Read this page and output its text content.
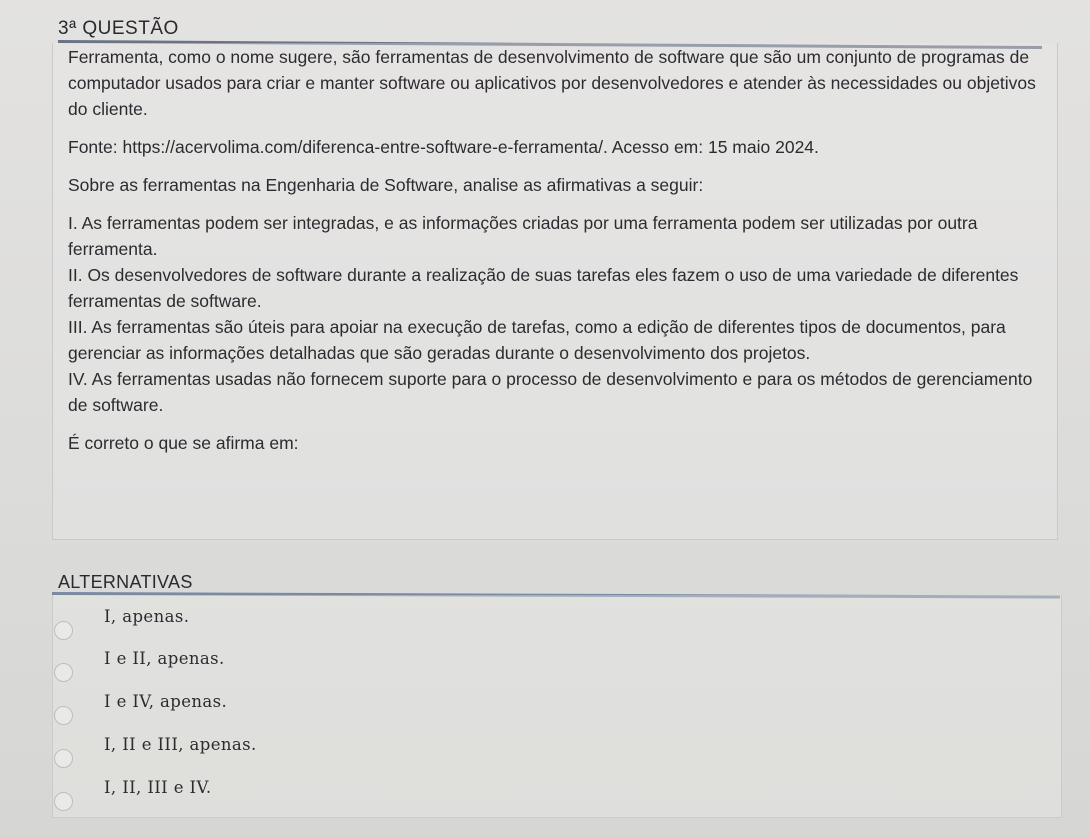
3ª QUESTÃO

Ferramenta, como o nome sugere, são ferramentas de desenvolvimento de software que são um conjunto de programas de computador usados para criar e manter software ou aplicativos por desenvolvedores e atender às necessidades ou objetivos do cliente.

Fonte: https://acervolima.com/diferenca-entre-software-e-ferramenta/. Acesso em: 15 maio 2024.

Sobre as ferramentas na Engenharia de Software, analise as afirmativas a seguir:

I. As ferramentas podem ser integradas, e as informações criadas por uma ferramenta podem ser utilizadas por outra ferramenta.

II. Os desenvolvedores de software durante a realização de suas tarefas eles fazem o uso de uma variedade de diferentes ferramentas de software.

III. As ferramentas são úteis para apoiar na execução de tarefas, como a edição de diferentes tipos de documentos, para gerenciar as informações detalhadas que são geradas durante o desenvolvimento dos projetos.

IV. As ferramentas usadas não fornecem suporte para o processo de desenvolvimento e para os métodos de gerenciamento de software.

É correto o que se afirma em:

ALTERNATIVAS
I, apenas.
I e II, apenas.
I e IV, apenas.
I, II e III, apenas.
I, II, III e IV.
